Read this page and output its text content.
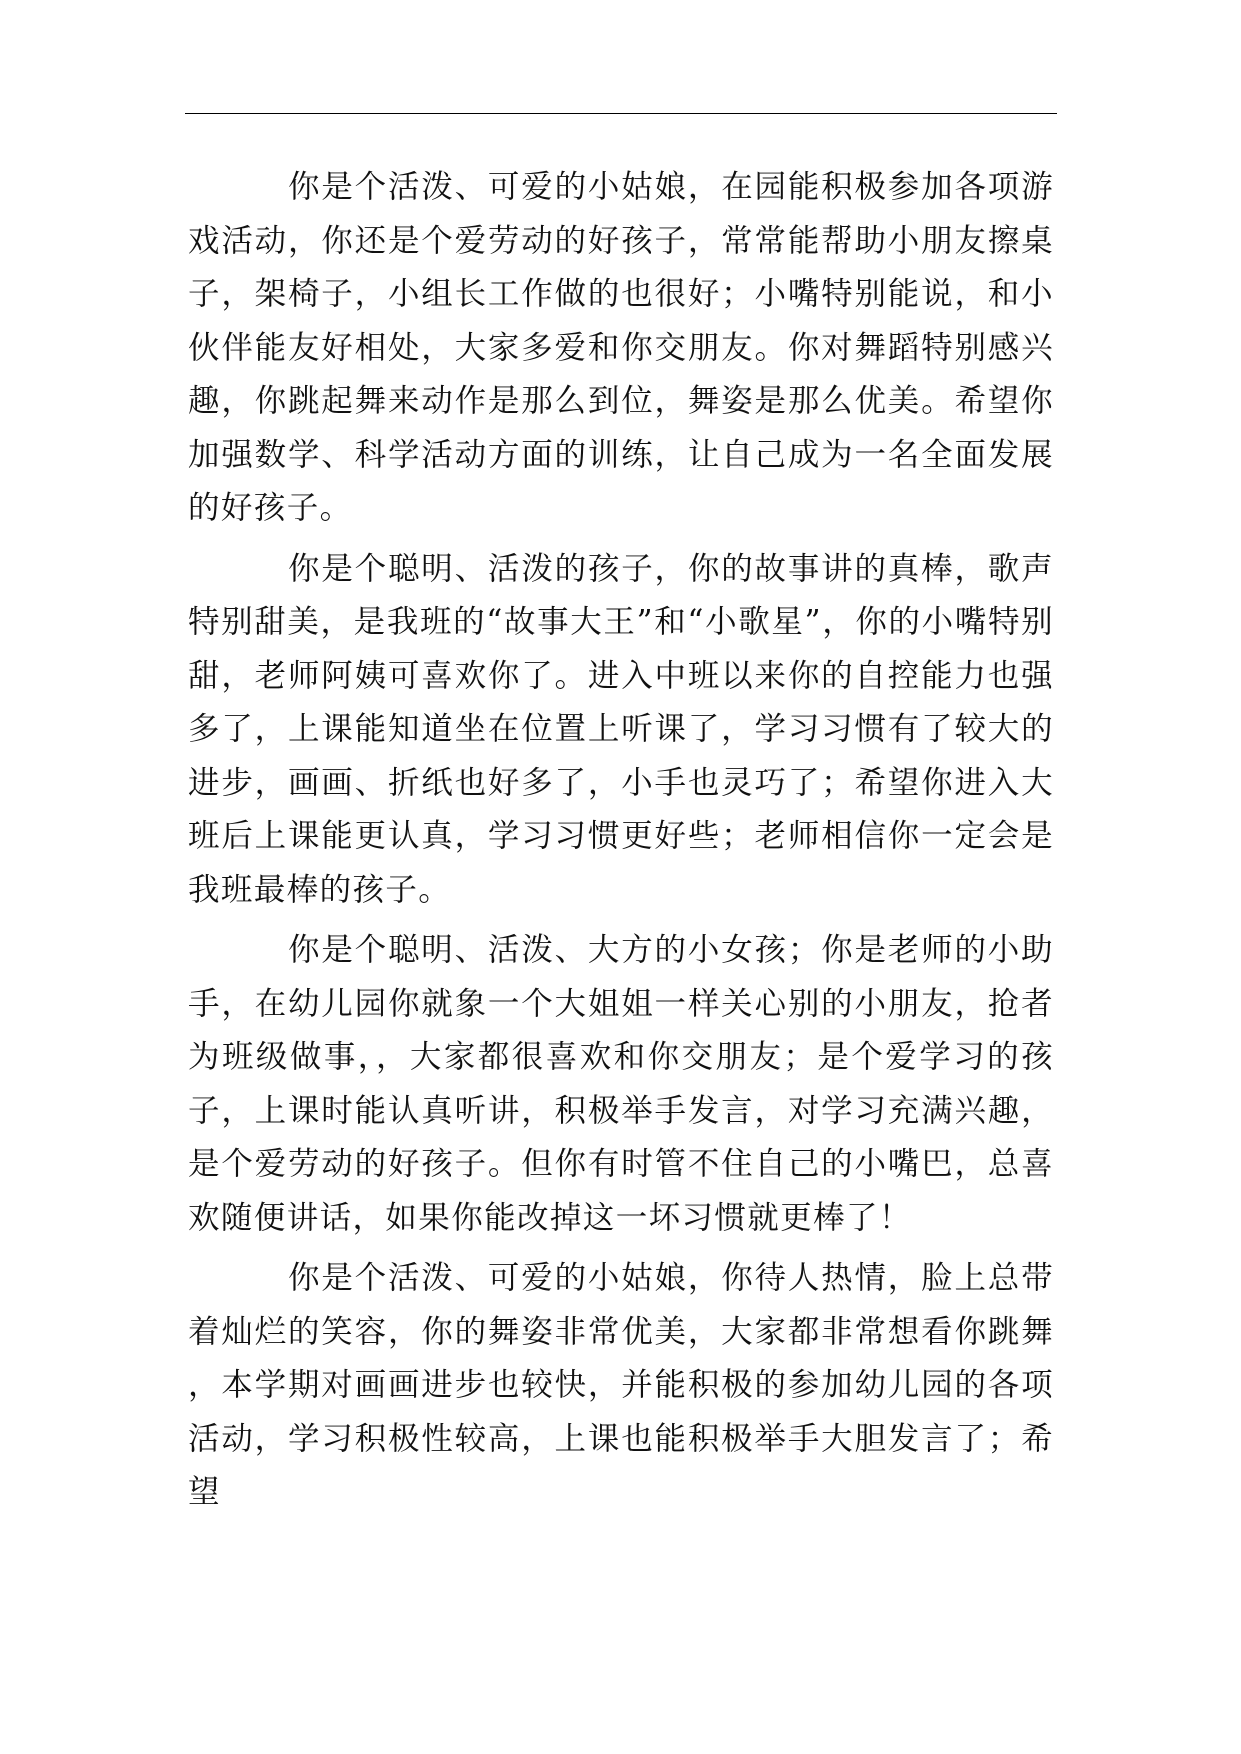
你是个活泼、可爱的小姑娘，在园能积极参加各项游戏活动，你还是个爱劳动的好孩子，常常能帮助小朋友擦桌子，架椅子，小组长工作做的也很好；小嘴特别能说，和小伙伴能友好相处，大家多爱和你交朋友。你对舞蹈特别感兴趣，你跳起舞来动作是那么到位，舞姿是那么优美。希望你加强数学、科学活动方面的训练，让自己成为一名全面发展的好孩子。

你是个聪明、活泼的孩子，你的故事讲的真棒，歌声特别甜美，是我班的“故事大王”和“小歌星”，你的小嘴特别甜，老师阿姨可喜欢你了。进入中班以来你的自控能力也强多了，上课能知道坐在位置上听课了，学习习惯有了较大的进步，画画、折纸也好多了，小手也灵巧了；希望你进入大班后上课能更认真，学习习惯更好些；老师相信你一定会是我班最棒的孩子。

你是个聪明、活泼、大方的小女孩；你是老师的小助手，在幼儿园你就象一个大姐姐一样关心别的小朋友，抢者为班级做事，，大家都很喜欢和你交朋友；是个爱学习的孩子，上课时能认真听讲，积极举手发言，对学习充满兴趣，是个爱劳动的好孩子。但你有时管不住自己的小嘴巴，总喜欢随便讲话，如果你能改掉这一坏习惯就更棒了！

你是个活泼、可爱的小姑娘，你待人热情，脸上总带着灿烂的笑容，你的舞姿非常优美，大家都非常想看你跳舞，本学期对画画进步也较快，并能积极的参加幼儿园的各项活动，学习积极性较高，上课也能积极举手大胆发言了；希望
